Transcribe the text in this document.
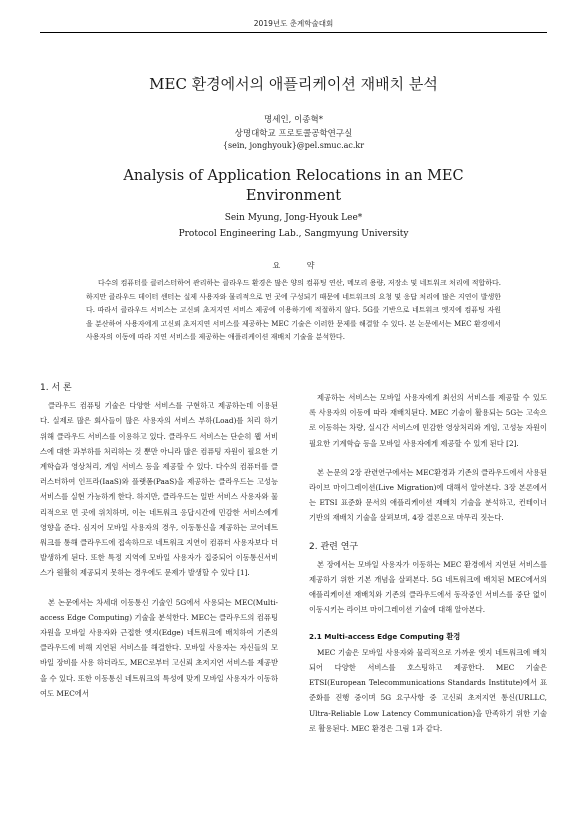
2019년도 춘계학술대회
MEC 환경에서의 애플리케이션 재배치 분석
명세인, 이종혁*
상명대학교 프로토콜공학연구실
{sein, jonghyouk}@pel.smuc.ac.kr
Analysis of Application Relocations in an MEC
Environment
Sein Myung, Jong-Hyouk Lee*
Protocol Engineering Lab., Sangmyung University
요 약

다수의 컴퓨터를 클러스터하여 관리하는 클라우드 환경은 많은 양의 컴퓨팅 연산, 메모리 용량, 저장소 및 네트워크 처리에 적합하다. 하지만 클라우드 데이터 센터는 실제 사용자와 물리적으로 먼 곳에 구성되기 때문에 네트워크의 요청 및 응답 처리에 많은 지연이 발생한다. 따라서 클라우드 서비스는 고신뢰 초저지연 서비스 제공에 이용하기에 적절하지 않다. 5G를 기반으로 네트워크 엣지에 컴퓨팅 자원을 분산하여 사용자에게 고신뢰 초저지연 서비스를 제공하는 MEC 기술은 이러한 문제를 해결할 수 있다. 본 논문에서는 MEC 환경에서 사용자의 이동에 따라 지연 서비스를 제공하는 애플리케이션 재배치 기술을 분석한다.

1. 서 론

클라우드 컴퓨팅 기술은 다양한 서비스를 구현하고 제공하는데 이용된다. 실제로 많은 회사들이 많은 사용자의 서비스 부하(Load)를 처리 하기 위해 클라우드 서비스를 이용하고 있다. 클라우드 서비스는 단순히 웹 서비스에 대한 과부하를 처리하는 것 뿐만 아니라 많은 컴퓨팅 자원이 필요한 기계학습과 영상처리, 게임 서비스 등을 제공할 수 있다. 다수의 컴퓨터를 클러스터하여 인프라(IaaS)와 플랫폼(PaaS)을 제공하는 클라우드는 고성능 서비스를 실현 가능하게 한다. 하지만, 클라우드는 일반 서비스 사용자와 물리적으로 먼 곳에 위치하며, 이는 네트워크 응답시간에 민감한 서비스에게 영향을 준다. 심지어 모바일 사용자의 경우, 이동통신을 제공하는 코어네트워크를 통해 클라우드에 접속하므로 네트워크 지연이 컴퓨터 사용자보다 더 발생하게 된다. 또한 특정 지역에 모바일 사용자가 집중되어 이동통신서비스가 원활히 제공되지 못하는 경우에도 문제가 발생할 수 있다 [1].

본 논문에서는 차세대 이동통신 기술인 5G에서 사용되는 MEC(Multi-access Edge Computing) 기술을 분석한다. MEC는 클라우드의 컴퓨팅 자원을 모바일 사용자와 근접한 엣지(Edge) 네트워크에 배치하여 기존의 클라우드에 비해 지연된 서비스를 해결한다. 모바일 사용자는 자신들의 모바일 장비를 사용 하더라도, MEC로부터 고신뢰 초저지연 서비스를 제공받을 수 있다. 또한 이동통신 네트워크의 특성에 맞게 모바일 사용자가 이동하여도 MEC에서

제공하는 서비스는 모바일 사용자에게 최선의 서비스를 제공할 수 있도록 사용자의 이동에 따라 재배치된다. MEC 기술이 활용되는 5G는 고속으로 이동하는 차량, 실시간 서비스에 민감한 영상처리와 게임, 고성능 자원이 필요한 기계학습 등을 모바일 사용자에게 제공할 수 있게 된다 [2].

본 논문의 2장 관련연구에서는 MEC환경과 기존의 클라우드에서 사용된 라이브 마이그레이션(Live Migration)에 대해서 알아본다. 3장 본론에서는 ETSI 표준화 문서의 애플리케이션 재배치 기술을 분석하고, 컨테이너 기반의 재배치 기술을 살펴보며, 4장 결론으로 마무리 짓는다.

2. 관련 연구

본 장에서는 모바일 사용자가 이동하는 MEC 환경에서 지연된 서비스를 제공하기 위한 기본 개념을 살펴본다. 5G 네트워크에 배치된 MEC에서의 애플리케이션 재배치와 기존의 클라우드에서 동작중인 서비스를 중단 없이 이동시키는 라이브 마이그레이션 기술에 대해 알아본다.

2.1 Multi-access Edge Computing 환경

MEC 기술은 모바일 사용자와 물리적으로 가까운 엣지 네트워크에 배치되어 다양한 서비스를 호스팅하고 제공한다. MEC 기술은 ETSI(European Telecommunications Standards Institute)에서 표준화를 진행 중이며 5G 요구사항 중 고신뢰 초저지연 통신(URLLC, Ultra-Reliable Low Latency Communication)을 만족하기 위한 기술로 활용된다. MEC 환경은 그림 1과 같다.
